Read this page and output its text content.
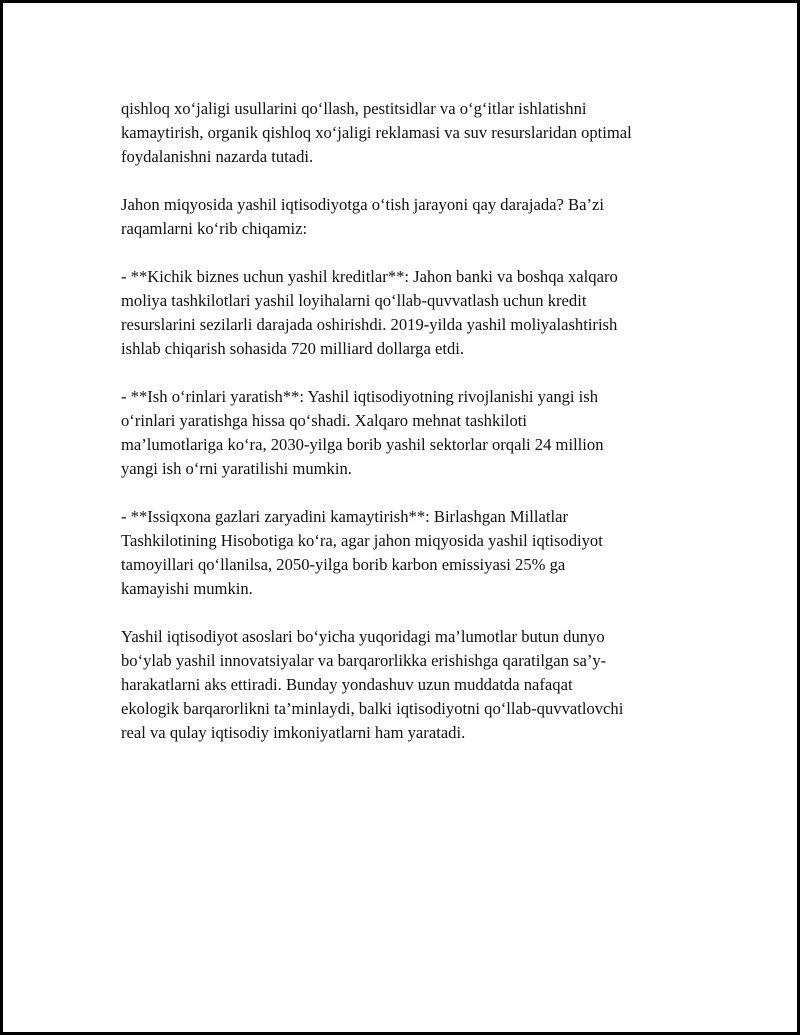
qishloq xo‘jaligi usullarini qo‘llash, pestitsidlar va o‘g‘itlar ishlatishni
kamaytirish, organik qishloq xo‘jaligi reklamasi va suv resurslaridan optimal
foydalanishni nazarda tutadi.

Jahon miqyosida yashil iqtisodiyotga o‘tish jarayoni qay darajada? Ba’zi
raqamlarni ko‘rib chiqamiz:

- **Kichik biznes uchun yashil kreditlar**: Jahon banki va boshqa xalqaro
moliya tashkilotlari yashil loyihalarni qo‘llab-quvvatlash uchun kredit
resurslarini sezilarli darajada oshirishdi. 2019-yilda yashil moliyalashtirish
ishlab chiqarish sohasida 720 milliard dollarga etdi.

- **Ish o‘rinlari yaratish**: Yashil iqtisodiyotning rivojlanishi yangi ish
o‘rinlari yaratishga hissa qo‘shadi. Xalqaro mehnat tashkiloti
ma’lumotlariga ko‘ra, 2030-yilga borib yashil sektorlar orqali 24 million
yangi ish o‘rni yaratilishi mumkin.

- **Issiqxona gazlari zaryadini kamaytirish**: Birlashgan Millatlar
Tashkilotining Hisobotiga ko‘ra, agar jahon miqyosida yashil iqtisodiyot
tamoyillari qo‘llanilsa, 2050-yilga borib karbon emissiyasi 25% ga
kamayishi mumkin.

Yashil iqtisodiyot asoslari bo‘yicha yuqoridagi ma’lumotlar butun dunyo
bo‘ylab yashil innovatsiyalar va barqarorlikka erishishga qaratilgan sa’y-
harakatlarni aks ettiradi. Bunday yondashuv uzun muddatda nafaqat
ekologik barqarorlikni ta’minlaydi, balki iqtisodiyotni qo‘llab-quvvatlovchi
real va qulay iqtisodiy imkoniyatlarni ham yaratadi.
